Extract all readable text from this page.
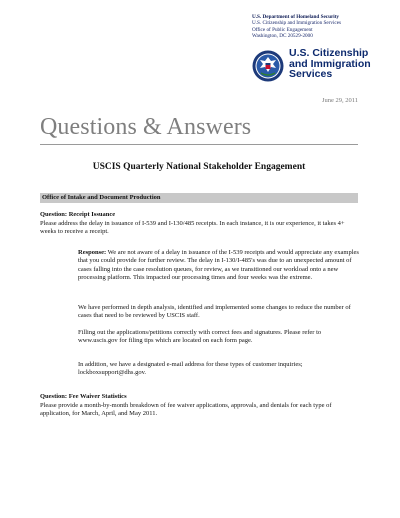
U.S. Department of Homeland Security
U.S. Citizenship and Immigration Services
Office of Public Engagement
Washington, DC 20529-2000
U.S. Citizenship
and Immigration
Services
June 29, 2011
Questions & Answers
USCIS Quarterly National Stakeholder Engagement
Office of Intake and Document Production
Question: Receipt Issuance

Please address the delay in issuance of I-539 and I-130/485 receipts. In each instance, it is our experience, it takes 4+ weeks to receive a receipt.

Response: We are not aware of a delay in issuance of the I-539 receipts and would appreciate any examples that you could provide for further review. The delay in I-130/I-485's was due to an unexpected amount of cases falling into the case resolution queues, for review, as we transitioned our workload onto a new processing platform. This impacted our processing times and four weeks was the extreme.

We have performed in depth analysis, identified and implemented some changes to reduce the number of cases that need to be reviewed by USCIS staff.

Filling out the applications/petitions correctly with correct fees and signatures. Please refer to www.uscis.gov for filing tips which are located on each form page.

In addition, we have a designated e-mail address for these types of customer inquiries; lockboxsupport@dhs.gov.

Question: Fee Waiver Statistics

Please provide a month-by-month breakdown of fee waiver applications, approvals, and denials for each type of application, for March, April, and May 2011.
